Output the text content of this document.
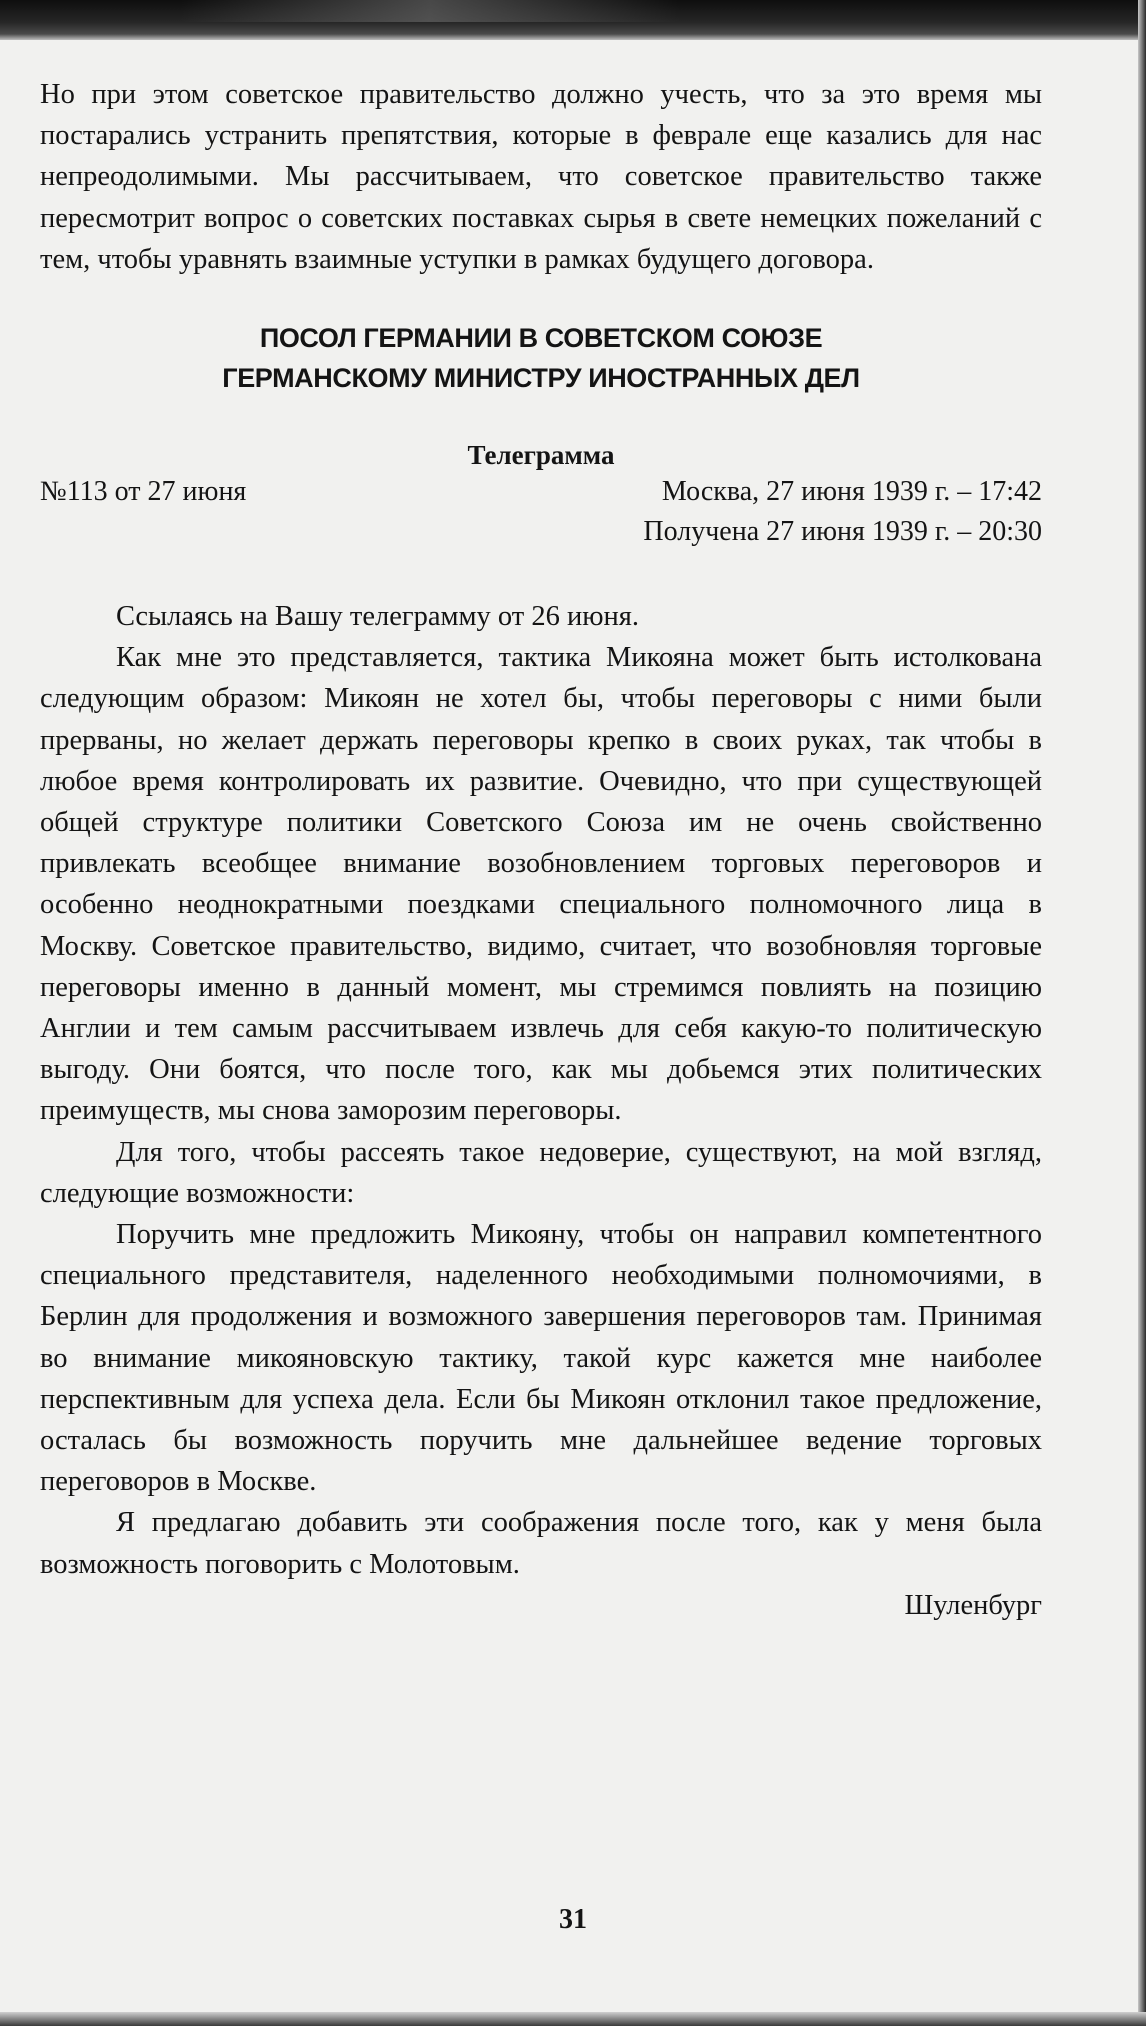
Но при этом советское правительство должно учесть, что за это время мы постарались устранить препятствия, которые в феврале еще казались для нас непреодолимыми. Мы рассчитываем, что советское правительство также пересмотрит вопрос о советских поставках сырья в свете немецких пожеланий с тем, чтобы уравнять взаимные уступки в рамках будущего договора.

ПОСОЛ ГЕРМАНИИ В СОВЕТСКОМ СОЮЗЕ
ГЕРМАНСКОМУ МИНИСТРУ ИНОСТРАННЫХ ДЕЛ
Телеграмма
№113 от 27 июня	Москва, 27 июня 1939 г. – 17:42
Получена 27 июня 1939 г. – 20:30

Ссылаясь на Вашу телеграмму от 26 июня.

Как мне это представляется, тактика Микояна может быть истолкована следующим образом: Микоян не хотел бы, чтобы переговоры с ними были прерваны, но желает держать переговоры крепко в своих руках, так чтобы в любое время контролировать их развитие. Очевидно, что при существующей общей структуре политики Советского Союза им не очень свойственно привлекать всеобщее внимание возобновлением торговых переговоров и особенно неоднократными поездками специального полномочного лица в Москву. Советское правительство, видимо, считает, что возобновляя торговые переговоры именно в данный момент, мы стремимся повлиять на позицию Англии и тем самым рассчитываем извлечь для себя какую-то политическую выгоду. Они боятся, что после того, как мы добьемся этих политических преимуществ, мы снова заморозим переговоры.

Для того, чтобы рассеять такое недоверие, существуют, на мой взгляд, следующие возможности:

Поручить мне предложить Микояну, чтобы он направил компетентного специального представителя, наделенного необходимыми полномочиями, в Берлин для продолжения и возможного завершения переговоров там. Принимая во внимание микояновскую тактику, такой курс кажется мне наиболее перспективным для успеха дела. Если бы Микоян отклонил такое предложение, осталась бы возможность поручить мне дальнейшее ведение торговых переговоров в Москве.

Я предлагаю добавить эти соображения после того, как у меня была возможность поговорить с Молотовым.

Шуленбург

31
